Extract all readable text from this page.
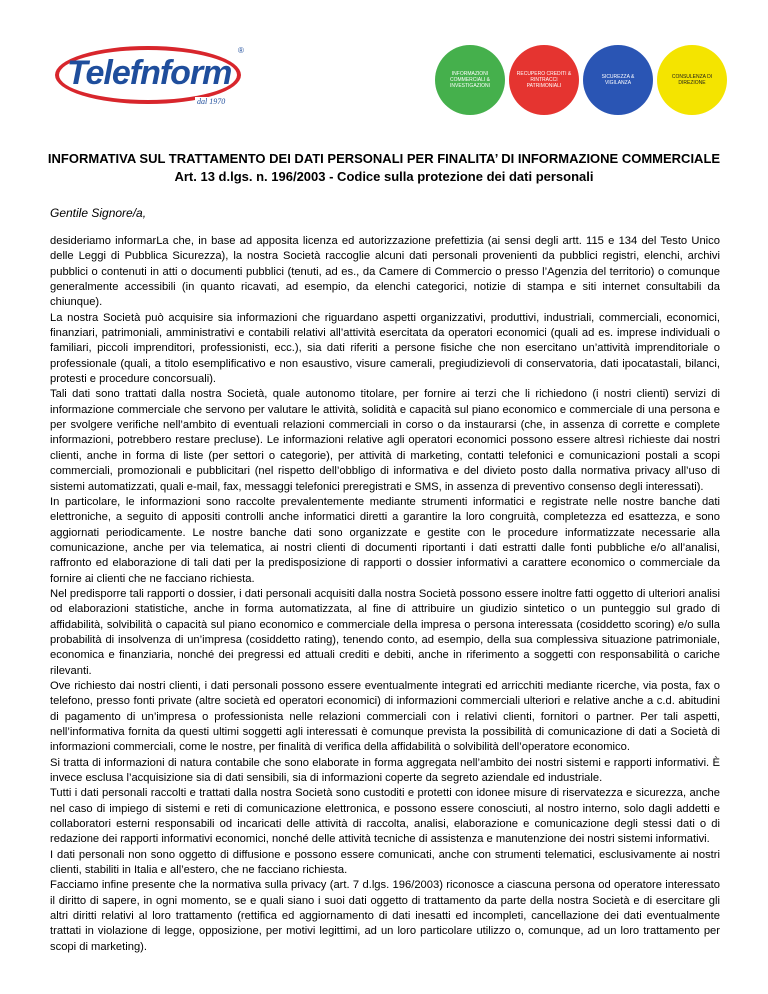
Telefnform
®
dal 1970
INFORMAZIONI COMMERCIALI & INVESTIGAZIONI
RECUPERO CREDITI & RINTRACCI PATRIMONIALI
SICUREZZA & VIGILANZA
CONSULENZA DI DIREZIONE
INFORMATIVA SUL TRATTAMENTO DEI DATI PERSONALI PER FINALITA’ DI INFORMAZIONE COMMERCIALE
Art. 13 d.lgs. n. 196/2003 - Codice sulla protezione dei dati personali
Gentile Signore/a,

desideriamo informarLa che, in base ad apposita licenza ed autorizzazione prefettizia (ai sensi degli artt. 115 e 134 del Testo Unico delle Leggi di Pubblica Sicurezza), la nostra Società raccoglie alcuni dati personali provenienti da pubblici registri, elenchi, archivi pubblici o contenuti in atti o documenti pubblici (tenuti, ad es., da Camere di Commercio o presso l’Agenzia del territorio) o comunque generalmente accessibili (in quanto ricavati, ad esempio, da elenchi categorici, notizie di stampa e siti internet consultabili da chiunque).

La nostra Società può acquisire sia informazioni che riguardano aspetti organizzativi, produttivi, industriali, commerciali, economici, finanziari, patrimoniali, amministrativi e contabili relativi all’attività esercitata da operatori economici (quali ad es. imprese individuali o familiari, piccoli imprenditori, professionisti, ecc.), sia dati riferiti a persone fisiche che non esercitano un’attività imprenditoriale o professionale (quali, a titolo esemplificativo e non esaustivo, visure camerali, pregiudizievoli di conservatoria, dati ipocatastali, bilanci, protesti e procedure concorsuali).

Tali dati sono trattati dalla nostra Società, quale autonomo titolare, per fornire ai terzi che li richiedono (i nostri clienti) servizi di informazione commerciale che servono per valutare le attività, solidità e capacità sul piano economico e commerciale di una persona e per svolgere verifiche nell’ambito di eventuali relazioni commerciali in corso o da instaurarsi (che, in assenza di corrette e complete informazioni, potrebbero restare precluse). Le informazioni relative agli operatori economici possono essere altresì richieste dai nostri clienti, anche in forma di liste (per settori o categorie), per attività di marketing, contatti telefonici e comunicazioni postali a scopi commerciali, promozionali e pubblicitari (nel rispetto dell’obbligo di informativa e del divieto posto dalla normativa privacy all’uso di sistemi automatizzati, quali e-mail, fax, messaggi telefonici preregistrati e SMS, in assenza di preventivo consenso degli interessati).

In particolare, le informazioni sono raccolte prevalentemente mediante strumenti informatici e registrate nelle nostre banche dati elettroniche, a seguito di appositi controlli anche informatici diretti a garantire la loro congruità, completezza ed esattezza, e sono aggiornati periodicamente. Le nostre banche dati sono organizzate e gestite con le procedure informatizzate necessarie alla comunicazione, anche per via telematica, ai nostri clienti di documenti riportanti i dati estratti dalle fonti pubbliche e/o all’analisi, raffronto ed elaborazione di tali dati per la predisposizione di rapporti o dossier informativi a carattere economico o commerciale da fornire ai clienti che ne facciano richiesta.

Nel predisporre tali rapporti o dossier, i dati personali acquisiti dalla nostra Società possono essere inoltre fatti oggetto di ulteriori analisi od elaborazioni statistiche, anche in forma automatizzata, al fine di attribuire un giudizio sintetico o un punteggio sul grado di affidabilità, solvibilità o capacità sul piano economico e commerciale della impresa o persona interessata (cosiddetto scoring) e/o sulla probabilità di insolvenza di un’impresa (cosiddetto rating), tenendo conto, ad esempio, della sua complessiva situazione patrimoniale, economica e finanziaria, nonché dei pregressi ed attuali crediti e debiti, anche in riferimento a soggetti con responsabilità o cariche rilevanti.

Ove richiesto dai nostri clienti, i dati personali possono essere eventualmente integrati ed arricchiti mediante ricerche, via posta, fax o telefono, presso fonti private (altre società ed operatori economici) di informazioni commerciali ulteriori e relative anche a c.d. abitudini di pagamento di un’impresa o professionista nelle relazioni commerciali con i relativi clienti, fornitori o partner. Per tali aspetti, nell’informativa fornita da questi ultimi soggetti agli interessati è comunque prevista la possibilità di comunicazione di dati a Società di informazioni commerciali, come le nostre, per finalità di verifica della affidabilità o solvibilità dell’operatore economico.

Si tratta di informazioni di natura contabile che sono elaborate in forma aggregata nell’ambito dei nostri sistemi e rapporti informativi. È invece esclusa l’acquisizione sia di dati sensibili, sia di informazioni coperte da segreto aziendale ed industriale.

Tutti i dati personali raccolti e trattati dalla nostra Società sono custoditi e protetti con idonee misure di riservatezza e sicurezza, anche nel caso di impiego di sistemi e reti di comunicazione elettronica, e possono essere conosciuti, al nostro interno, solo dagli addetti e collaboratori esterni responsabili od incaricati delle attività di raccolta, analisi, elaborazione e comunicazione degli stessi dati o di redazione dei rapporti informativi economici, nonché delle attività tecniche di assistenza e manutenzione dei nostri sistemi informativi.

I dati personali non sono oggetto di diffusione e possono essere comunicati, anche con strumenti telematici, esclusivamente ai nostri clienti, stabiliti in Italia e all’estero, che ne facciano richiesta.

Facciamo infine presente che la normativa sulla privacy (art. 7 d.lgs. 196/2003) riconosce a ciascuna persona od operatore interessato il diritto di sapere, in ogni momento, se e quali siano i suoi dati oggetto di trattamento da parte della nostra Società e di esercitare gli altri diritti relativi al loro trattamento (rettifica ed aggiornamento di dati inesatti ed incompleti, cancellazione dei dati eventualmente trattati in violazione di legge, opposizione, per motivi legittimi, ad un loro particolare utilizzo o, comunque, ad un loro trattamento per scopi di marketing).
